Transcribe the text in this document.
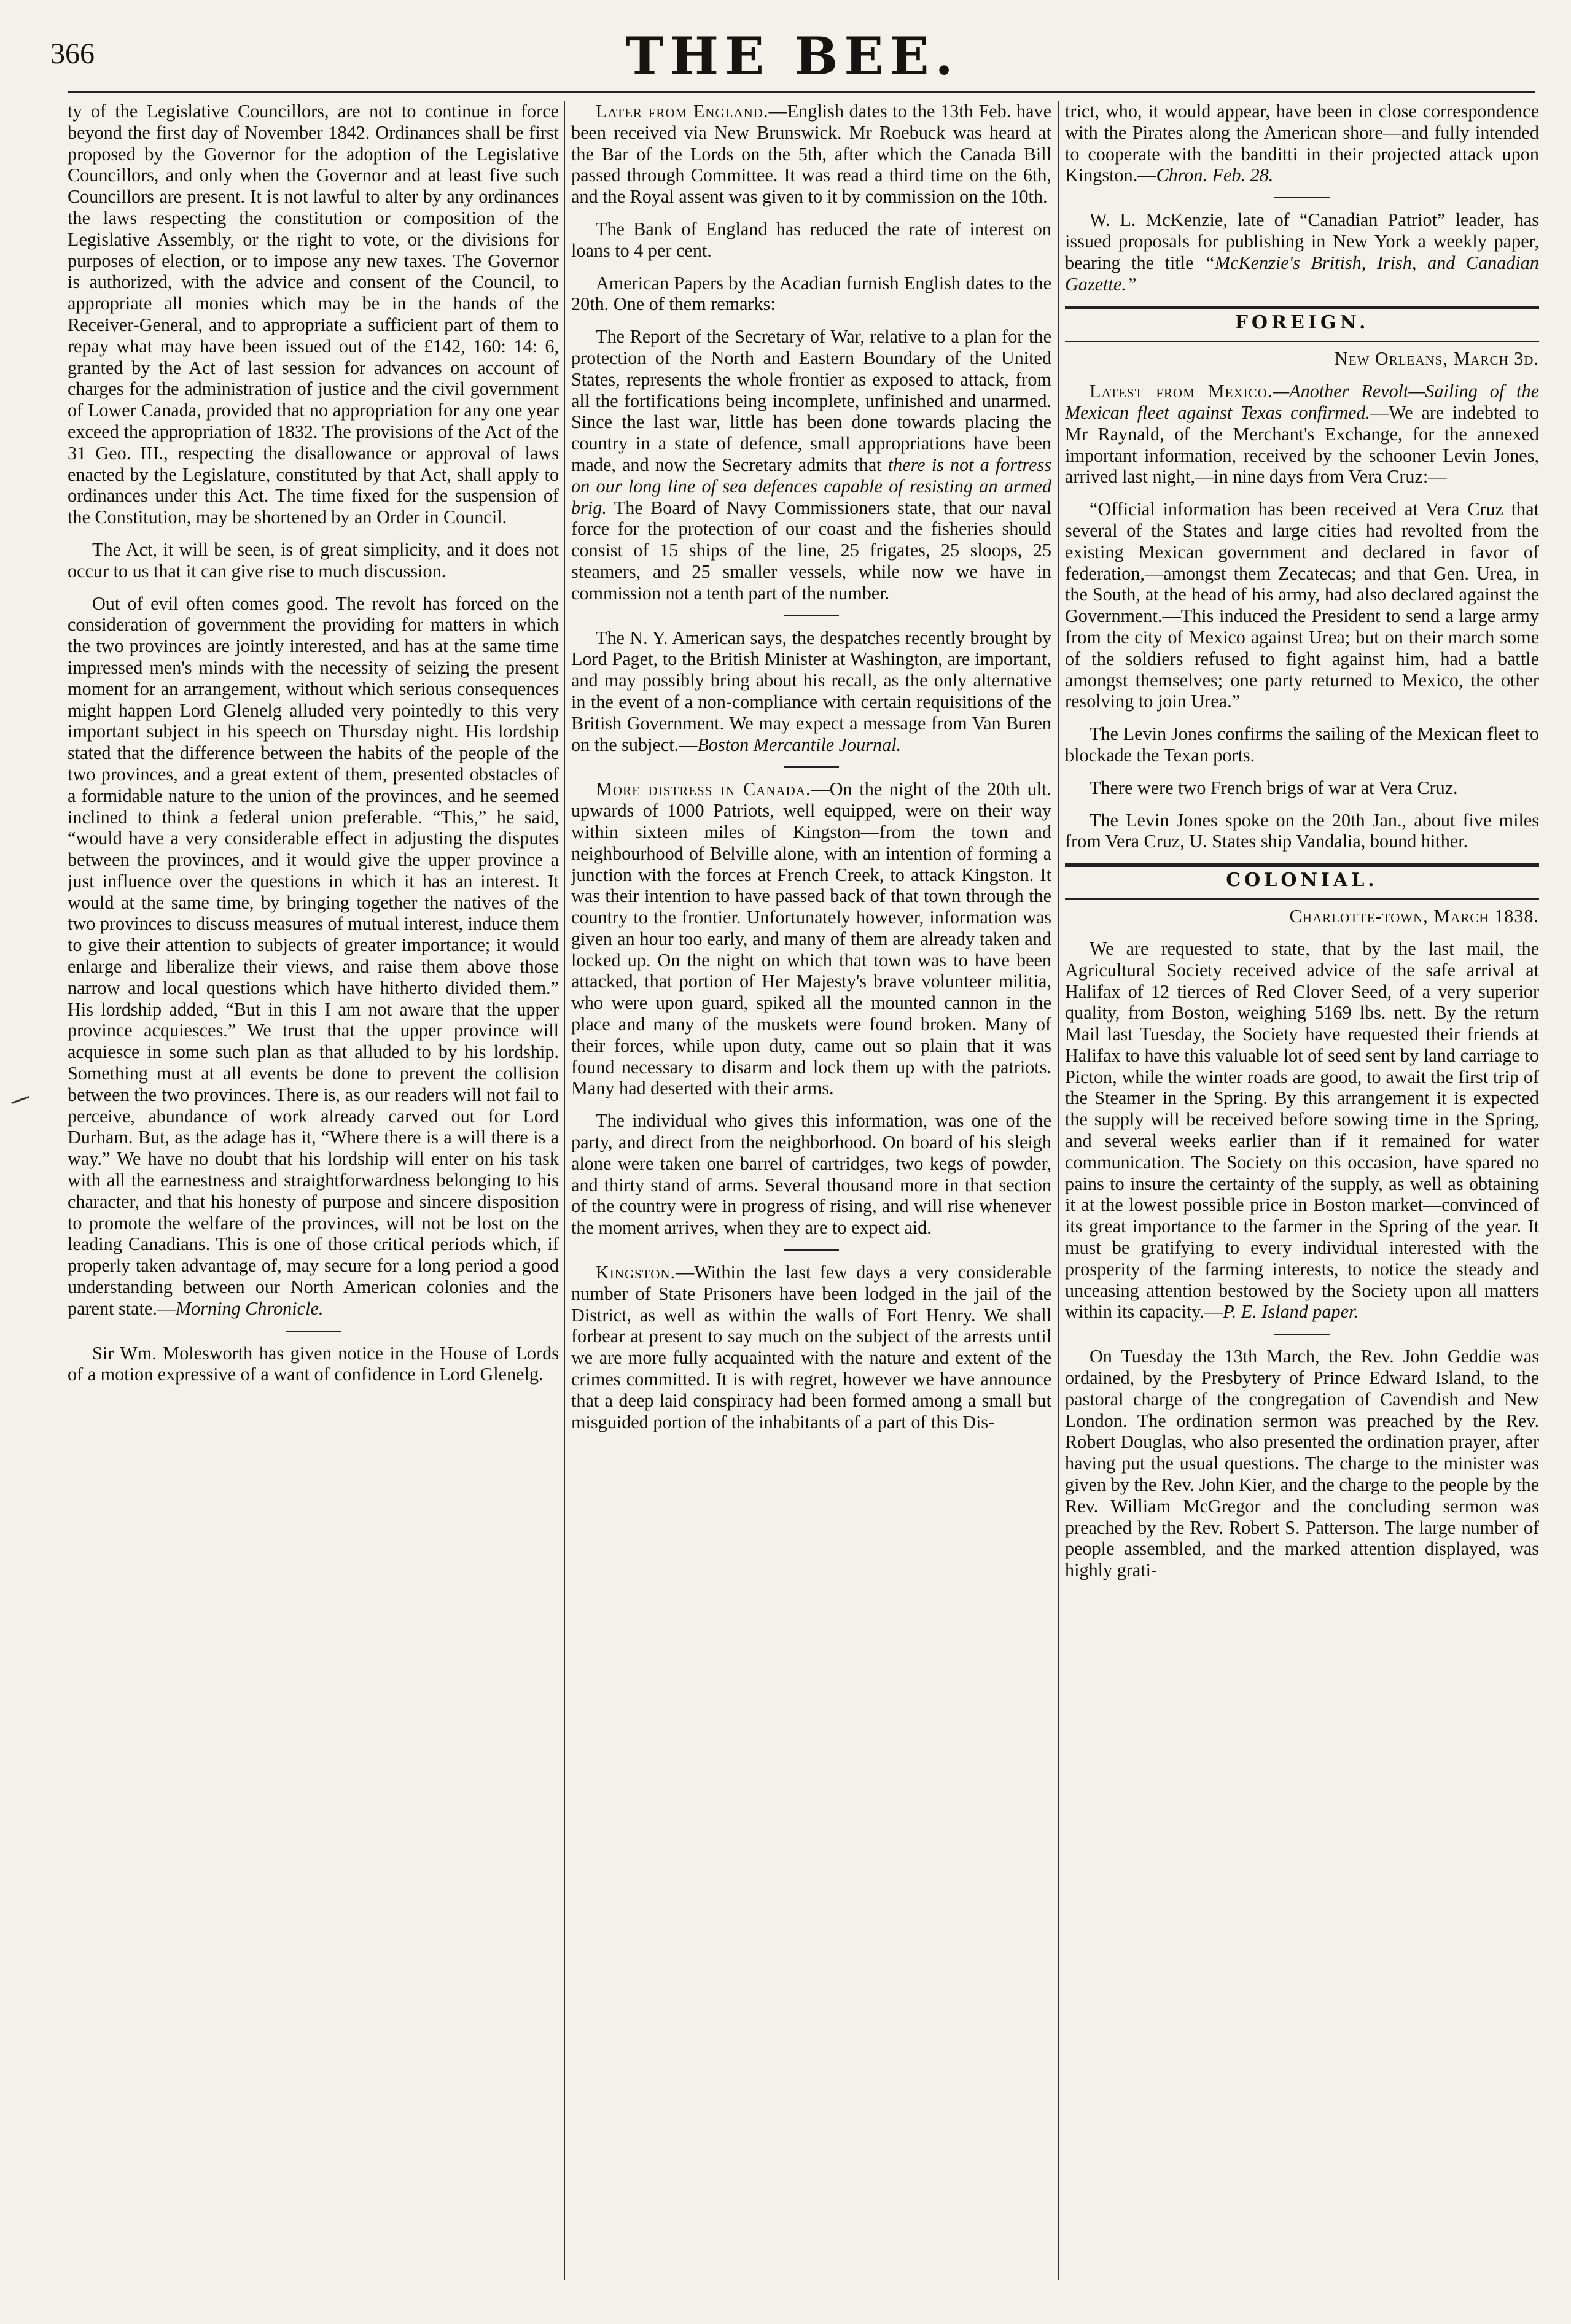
366	THE BEE.

ty of the Legislative Councillors, are not to continue in force beyond the first day of November 1842. Ordinances shall be first proposed by the Governor for the adoption of the Legislative Councillors, and only when the Governor and at least five such Councillors are present. It is not lawful to alter by any ordinances the laws respecting the constitution or composition of the Legislative Assembly, or the right to vote, or the divisions for purposes of election, or to impose any new taxes. The Governor is authorized, with the advice and consent of the Council, to appropriate all monies which may be in the hands of the Receiver-General, and to appropriate a sufficient part of them to repay what may have been issued out of the £142, 160: 14: 6, granted by the Act of last session for advances on account of charges for the administration of justice and the civil government of Lower Canada, provided that no appropriation for any one year exceed the appropriation of 1832. The provisions of the Act of the 31 Geo. III., respecting the disallowance or approval of laws enacted by the Legislature, constituted by that Act, shall apply to ordinances under this Act. The time fixed for the suspension of the Constitution, may be shortened by an Order in Council.

The Act, it will be seen, is of great simplicity, and it does not occur to us that it can give rise to much discussion.

Out of evil often comes good. The revolt has forced on the consideration of government the providing for matters in which the two provinces are jointly interested, and has at the same time impressed men's minds with the necessity of seizing the present moment for an arrangement, without which serious consequences might happen Lord Glenelg alluded very pointedly to this very important subject in his speech on Thursday night. His lordship stated that the difference between the habits of the people of the two provinces, and a great extent of them, presented obstacles of a formidable nature to the union of the provinces, and he seemed inclined to think a federal union preferable. “This,” he said, “would have a very considerable effect in adjusting the disputes between the provinces, and it would give the upper province a just influence over the questions in which it has an interest. It would at the same time, by bringing together the natives of the two provinces to discuss measures of mutual interest, induce them to give their attention to subjects of greater importance; it would enlarge and liberalize their views, and raise them above those narrow and local questions which have hitherto divided them.” His lordship added, “But in this I am not aware that the upper province acquiesces.” We trust that the upper province will acquiesce in some such plan as that alluded to by his lordship. Something must at all events be done to prevent the collision between the two provinces. There is, as our readers will not fail to perceive, abundance of work already carved out for Lord Durham. But, as the adage has it, “Where there is a will there is a way.” We have no doubt that his lordship will enter on his task with all the earnestness and straightforwardness belonging to his character, and that his honesty of purpose and sincere disposition to promote the welfare of the provinces, will not be lost on the leading Canadians. This is one of those critical periods which, if properly taken advantage of, may secure for a long period a good understanding between our North American colonies and the parent state.—Morning Chronicle.

Sir Wm. Molesworth has given notice in the House of Lords of a motion expressive of a want of confidence in Lord Glenelg.

Later from England.—English dates to the 13th Feb. have been received via New Brunswick. Mr Roebuck was heard at the Bar of the Lords on the 5th, after which the Canada Bill passed through Committee. It was read a third time on the 6th, and the Royal assent was given to it by commission on the 10th.

The Bank of England has reduced the rate of interest on loans to 4 per cent.

American Papers by the Acadian furnish English dates to the 20th. One of them remarks:

The Report of the Secretary of War, relative to a plan for the protection of the North and Eastern Boundary of the United States, represents the whole frontier as exposed to attack, from all the fortifications being incomplete, unfinished and unarmed. Since the last war, little has been done towards placing the country in a state of defence, small appropriations have been made, and now the Secretary admits that there is not a fortress on our long line of sea defences capable of resisting an armed brig. The Board of Navy Commissioners state, that our naval force for the protection of our coast and the fisheries should consist of 15 ships of the line, 25 frigates, 25 sloops, 25 steamers, and 25 smaller vessels, while now we have in commission not a tenth part of the number.

The N. Y. American says, the despatches recently brought by Lord Paget, to the British Minister at Washington, are important, and may possibly bring about his recall, as the only alternative in the event of a non-compliance with certain requisitions of the British Government. We may expect a message from Van Buren on the subject.—Boston Mercantile Journal.

More distress in Canada.—On the night of the 20th ult. upwards of 1000 Patriots, well equipped, were on their way within sixteen miles of Kingston—from the town and neighbourhood of Belville alone, with an intention of forming a junction with the forces at French Creek, to attack Kingston. It was their intention to have passed back of that town through the country to the frontier. Unfortunately however, information was given an hour too early, and many of them are already taken and locked up. On the night on which that town was to have been attacked, that portion of Her Majesty's brave volunteer militia, who were upon guard, spiked all the mounted cannon in the place and many of the muskets were found broken. Many of their forces, while upon duty, came out so plain that it was found necessary to disarm and lock them up with the patriots. Many had deserted with their arms.

The individual who gives this information, was one of the party, and direct from the neighborhood. On board of his sleigh alone were taken one barrel of cartridges, two kegs of powder, and thirty stand of arms. Several thousand more in that section of the country were in progress of rising, and will rise whenever the moment arrives, when they are to expect aid.

Kingston.—Within the last few days a very considerable number of State Prisoners have been lodged in the jail of the District, as well as within the walls of Fort Henry. We shall forbear at present to say much on the subject of the arrests until we are more fully acquainted with the nature and extent of the crimes committed. It is with regret, however we have announce that a deep laid conspiracy had been formed among a small but misguided portion of the inhabitants of a part of this Dis-

trict, who, it would appear, have been in close correspondence with the Pirates along the American shore—and fully intended to cooperate with the banditti in their projected attack upon Kingston.—Chron. Feb. 28.

W. L. McKenzie, late of “Canadian Patriot” leader, has issued proposals for publishing in New York a weekly paper, bearing the title “McKenzie's British, Irish, and Canadian Gazette.”

FOREIGN.

New Orleans, March 3d.

Latest from Mexico.—Another Revolt—Sailing of the Mexican fleet against Texas confirmed.—We are indebted to Mr Raynald, of the Merchant's Exchange, for the annexed important information, received by the schooner Levin Jones, arrived last night,—in nine days from Vera Cruz:—

“Official information has been received at Vera Cruz that several of the States and large cities had revolted from the existing Mexican government and declared in favor of federation,—amongst them Zecatecas; and that Gen. Urea, in the South, at the head of his army, had also declared against the Government.—This induced the President to send a large army from the city of Mexico against Urea; but on their march some of the soldiers refused to fight against him, had a battle amongst themselves; one party returned to Mexico, the other resolving to join Urea.”

The Levin Jones confirms the sailing of the Mexican fleet to blockade the Texan ports.

There were two French brigs of war at Vera Cruz.

The Levin Jones spoke on the 20th Jan., about five miles from Vera Cruz, U. States ship Vandalia, bound hither.

COLONIAL.

Charlotte-town, March 1838.

We are requested to state, that by the last mail, the Agricultural Society received advice of the safe arrival at Halifax of 12 tierces of Red Clover Seed, of a very superior quality, from Boston, weighing 5169 lbs. nett. By the return Mail last Tuesday, the Society have requested their friends at Halifax to have this valuable lot of seed sent by land carriage to Picton, while the winter roads are good, to await the first trip of the Steamer in the Spring. By this arrangement it is expected the supply will be received before sowing time in the Spring, and several weeks earlier than if it remained for water communication. The Society on this occasion, have spared no pains to insure the certainty of the supply, as well as obtaining it at the lowest possible price in Boston market—convinced of its great importance to the farmer in the Spring of the year. It must be gratifying to every individual interested with the prosperity of the farming interests, to notice the steady and unceasing attention bestowed by the Society upon all matters within its capacity.—P. E. Island paper.

On Tuesday the 13th March, the Rev. John Geddie was ordained, by the Presbytery of Prince Edward Island, to the pastoral charge of the congregation of Cavendish and New London. The ordination sermon was preached by the Rev. Robert Douglas, who also presented the ordination prayer, after having put the usual questions. The charge to the minister was given by the Rev. John Kier, and the charge to the people by the Rev. William McGregor and the concluding sermon was preached by the Rev. Robert S. Patterson. The large number of people assembled, and the marked attention displayed, was highly grati-
